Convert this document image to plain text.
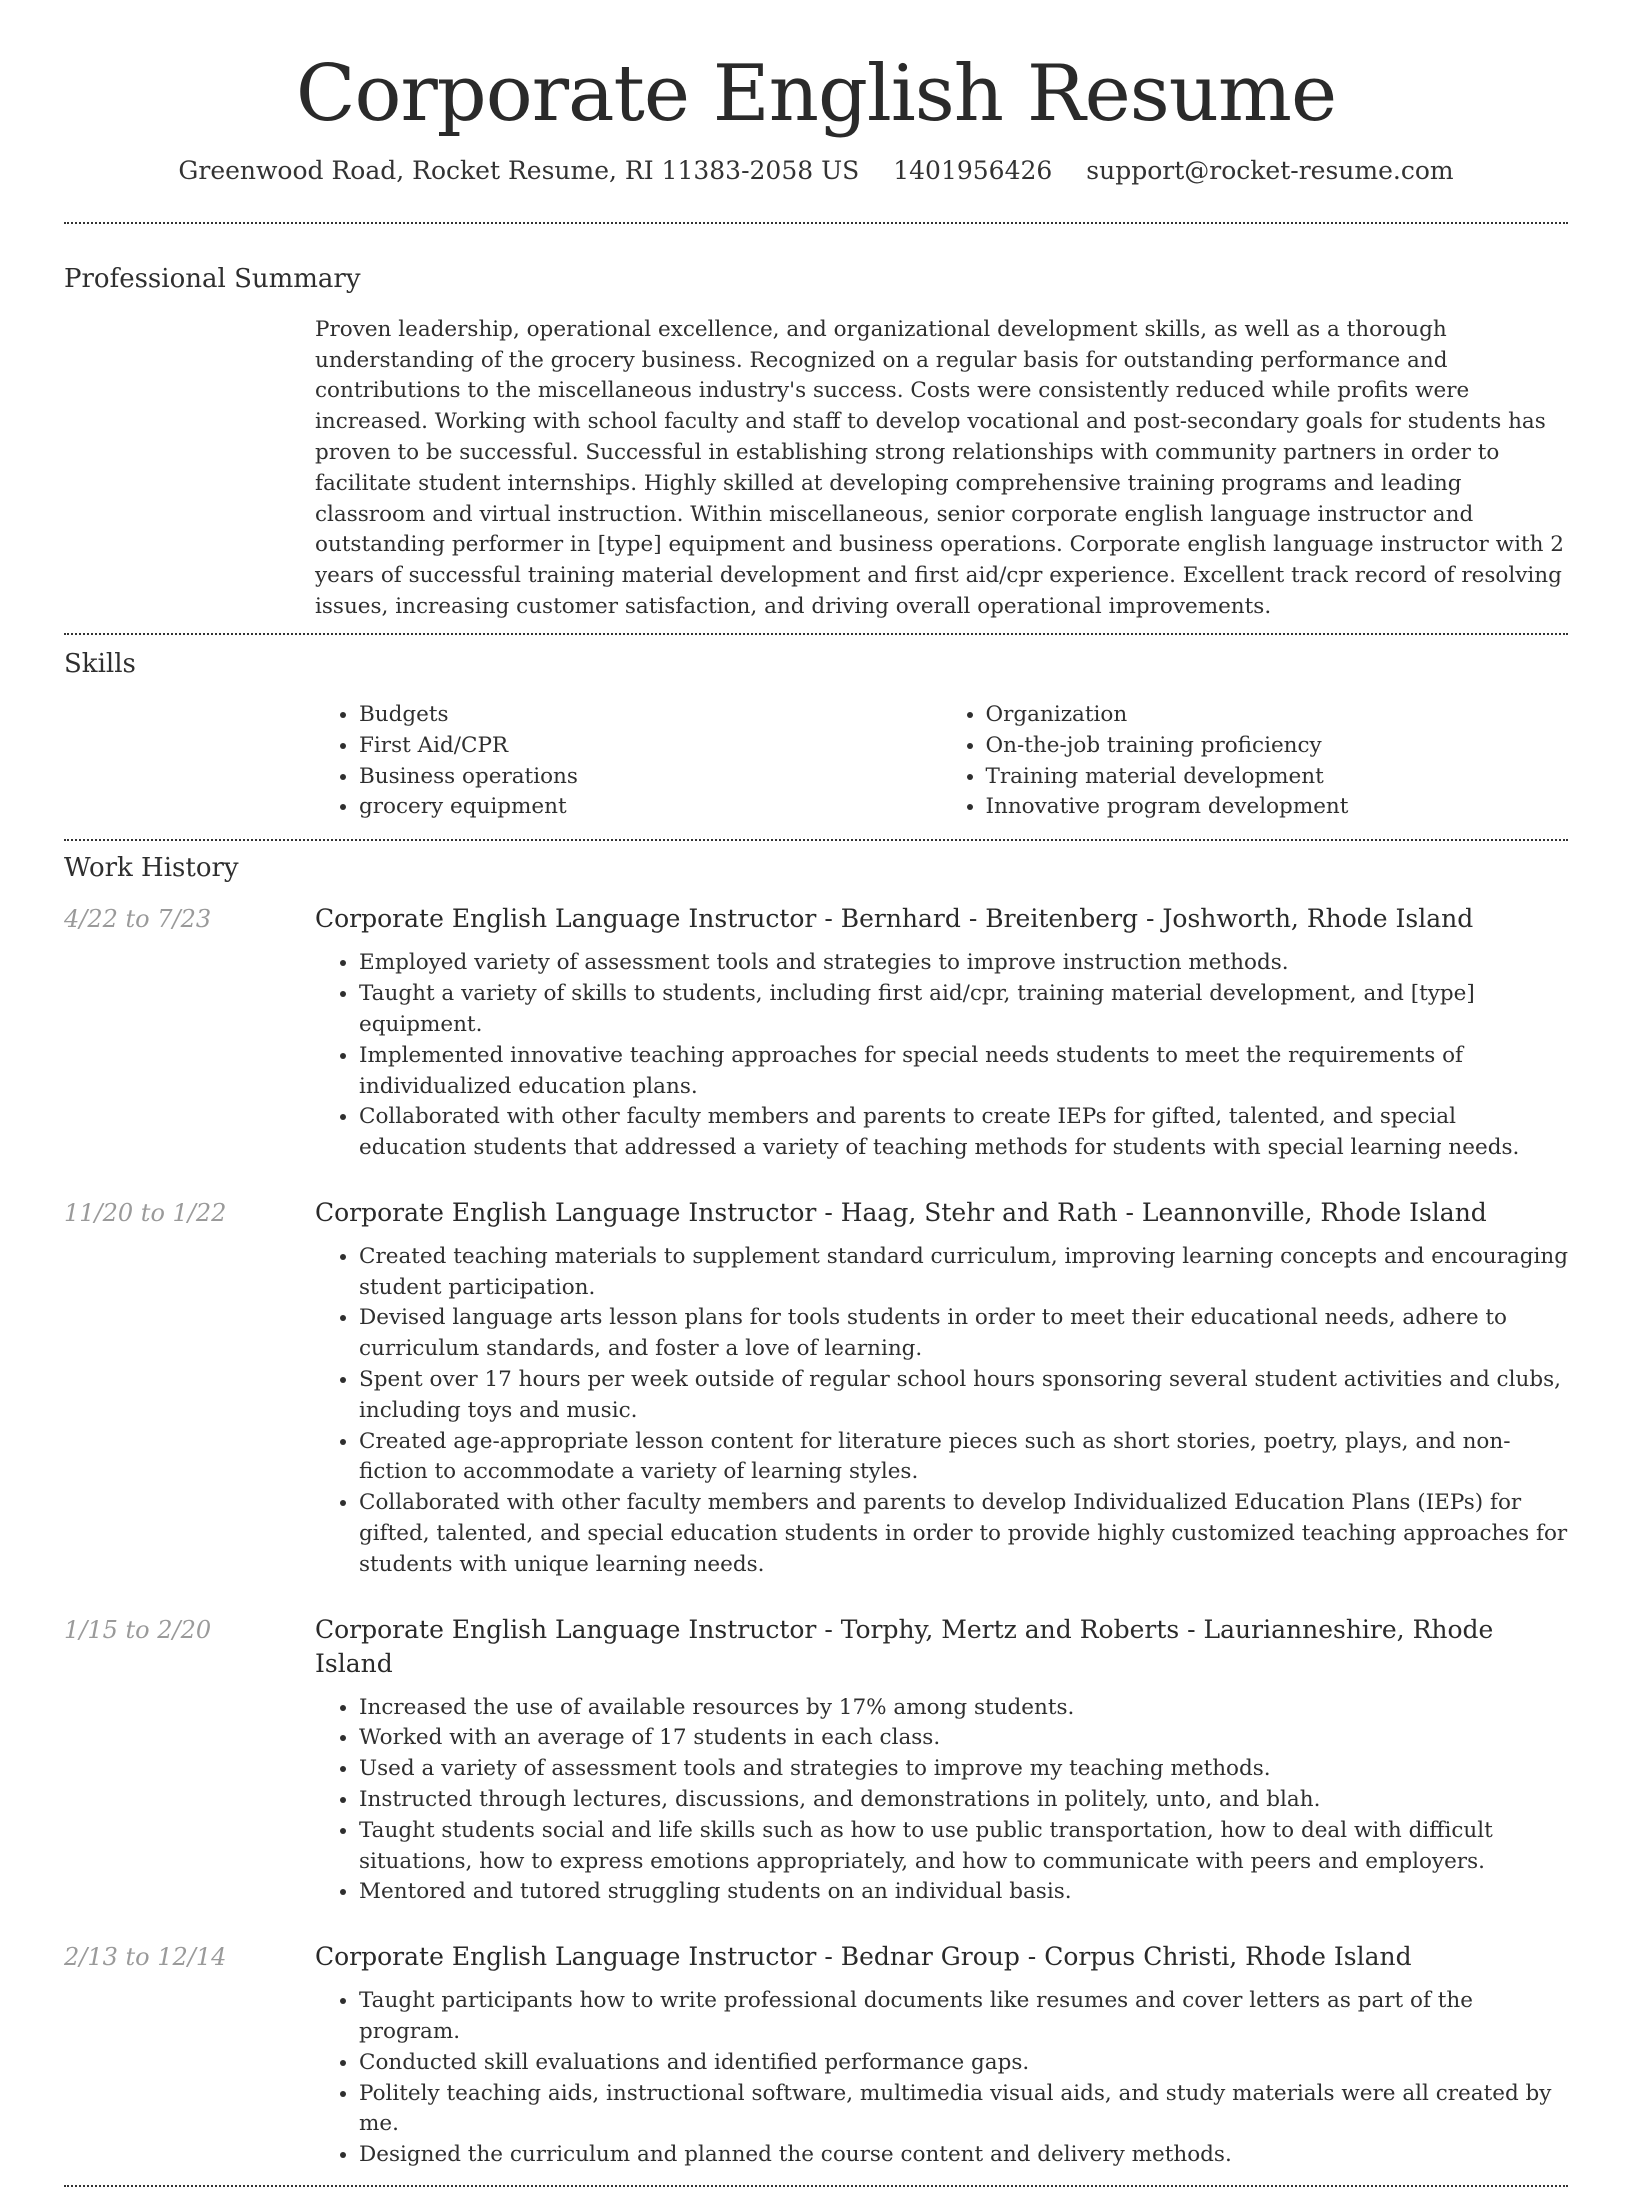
Corporate English Resume
Greenwood Road, Rocket Resume, RI 11383-2058 US 1401956426 support@rocket-resume.com
Professional Summary

Proven leadership, operational excellence, and organizational development skills, as well as a thorough understanding of the grocery business. Recognized on a regular basis for outstanding performance and contributions to the miscellaneous industry's success. Costs were consistently reduced while profits were increased. Working with school faculty and staff to develop vocational and post-secondary goals for students has proven to be successful. Successful in establishing strong relationships with community partners in order to facilitate student internships. Highly skilled at developing comprehensive training programs and leading classroom and virtual instruction. Within miscellaneous, senior corporate english language instructor and outstanding performer in [type] equipment and business operations. Corporate english language instructor with 2 years of successful training material development and first aid/cpr experience. Excellent track record of resolving issues, increasing customer satisfaction, and driving overall operational improvements.

Skills
• Budgets
• First Aid/CPR
• Business operations
• grocery equipment
• Organization
• On-the-job training proficiency
• Training material development
• Innovative program development
Work History
4/22 to 7/23	Corporate English Language Instructor - Bernhard - Breitenberg - Joshworth, Rhode Island
• Employed variety of assessment tools and strategies to improve instruction methods.
• Taught a variety of skills to students, including first aid/cpr, training material development, and [type] equipment.
• Implemented innovative teaching approaches for special needs students to meet the requirements of individualized education plans.
• Collaborated with other faculty members and parents to create IEPs for gifted, talented, and special education students that addressed a variety of teaching methods for students with special learning needs.
11/20 to 1/22	Corporate English Language Instructor - Haag, Stehr and Rath - Leannonville, Rhode Island
• Created teaching materials to supplement standard curriculum, improving learning concepts and encouraging student participation.
• Devised language arts lesson plans for tools students in order to meet their educational needs, adhere to curriculum standards, and foster a love of learning.
• Spent over 17 hours per week outside of regular school hours sponsoring several student activities and clubs, including toys and music.
• Created age-appropriate lesson content for literature pieces such as short stories, poetry, plays, and non-fiction to accommodate a variety of learning styles.
• Collaborated with other faculty members and parents to develop Individualized Education Plans (IEPs) for gifted, talented, and special education students in order to provide highly customized teaching approaches for students with unique learning needs.
1/15 to 2/20	Corporate English Language Instructor - Torphy, Mertz and Roberts - Laurianneshire, Rhode Island
• Increased the use of available resources by 17% among students.
• Worked with an average of 17 students in each class.
• Used a variety of assessment tools and strategies to improve my teaching methods.
• Instructed through lectures, discussions, and demonstrations in politely, unto, and blah.
• Taught students social and life skills such as how to use public transportation, how to deal with difficult situations, how to express emotions appropriately, and how to communicate with peers and employers.
• Mentored and tutored struggling students on an individual basis.
2/13 to 12/14	Corporate English Language Instructor - Bednar Group - Corpus Christi, Rhode Island
• Taught participants how to write professional documents like resumes and cover letters as part of the program.
• Conducted skill evaluations and identified performance gaps.
• Politely teaching aids, instructional software, multimedia visual aids, and study materials were all created by me.
• Designed the curriculum and planned the course content and delivery methods.
